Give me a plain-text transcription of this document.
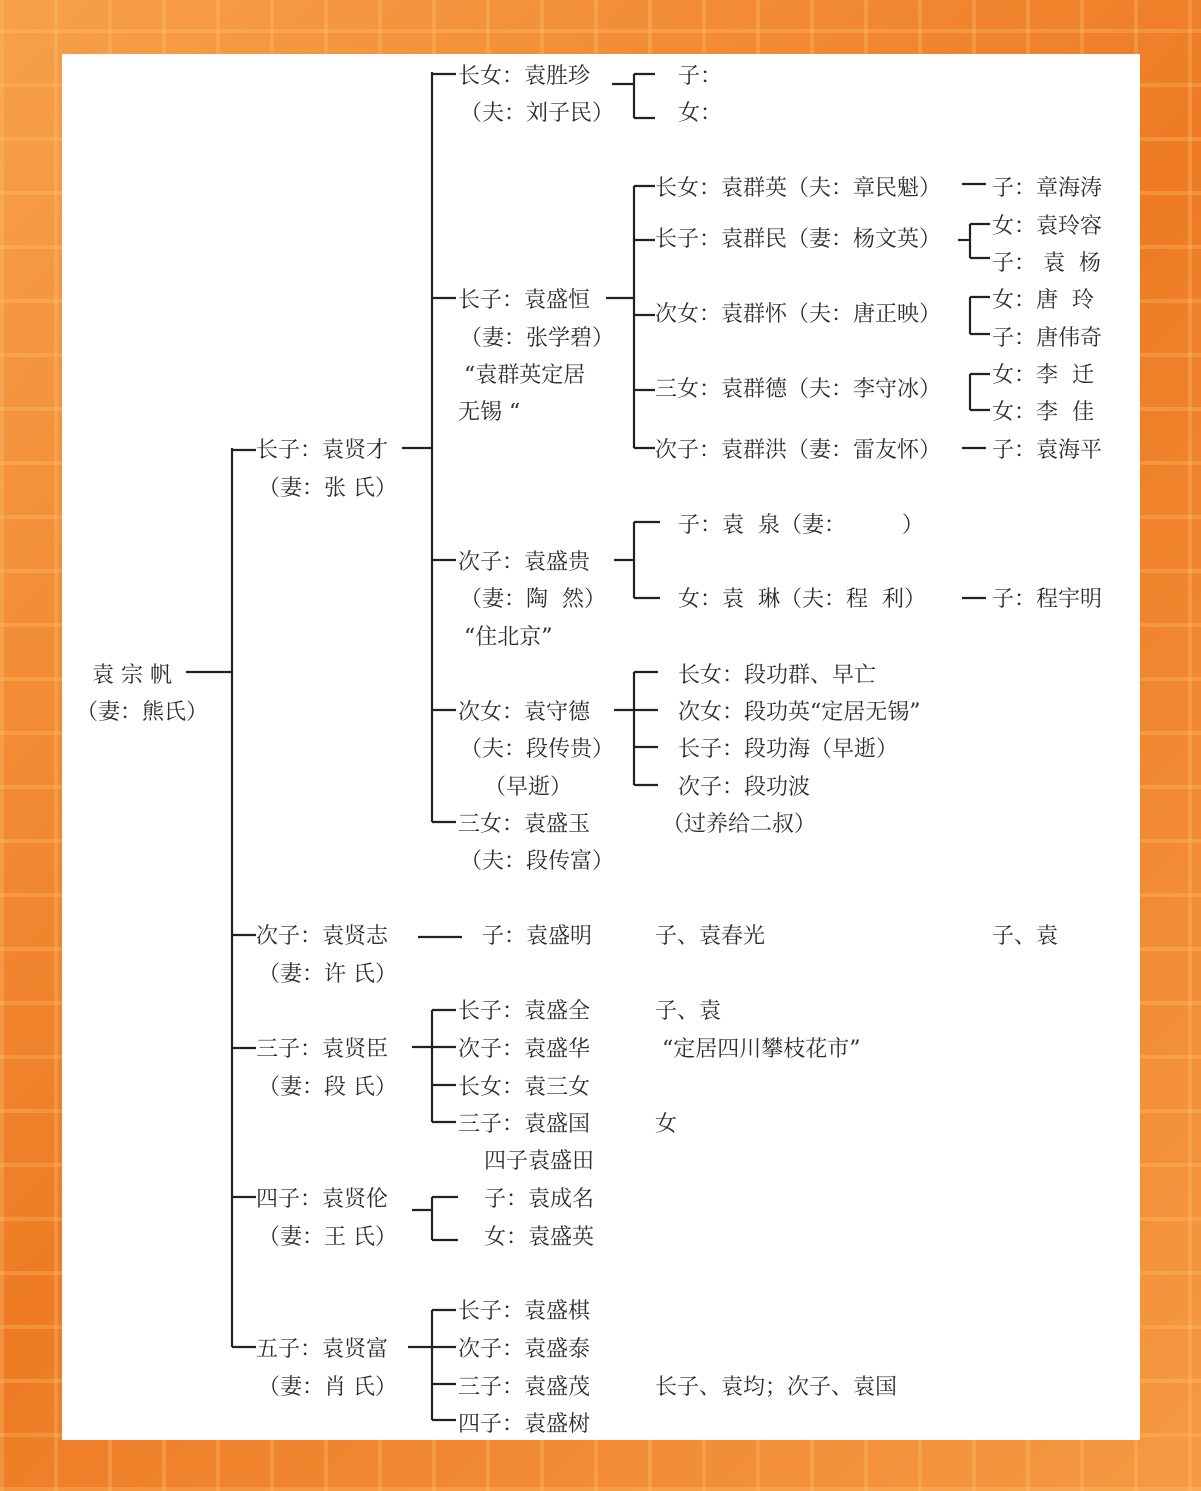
袁 宗 帆
（妻：熊氏）
长子：袁贤才
（妻：张 氏）
次子：袁贤志
（妻：许 氏）
三子：袁贤臣
（妻：段 氏）
四子：袁贤伦
（妻：王 氏）
五子：袁贤富
（妻：肖 氏）
长女：袁胜珍
（夫：刘子民）
子：
女：
长子：袁盛恒
（妻：张学碧）
“袁群英定居
无锡 “
长女：袁群英（夫：章民魁） 子：章海涛
长子：袁群民（妻：杨文英）
女：袁玲容
子： 袁  杨
次女：袁群怀（夫：唐正映）
女：唐  玲
子：唐伟奇
三女：袁群德（夫：李守冰）
女：李  迁
女：李  佳
次子：袁群洪（妻：雷友怀） 子：袁海平
次子：袁盛贵
（妻：陶  然）
“住北京”
子：袁  泉（妻：        ）
女：袁  琳（夫：程  利）	子：程宇明
次女：袁守德
（夫：段传贵）
（早逝）
长女：段功群、早亡
次女：段功英“定居无锡”
长子：段功海（早逝）
次子：段功波
（过养给二叔）
三女：袁盛玉
（夫：段传富）
子：袁盛明	子、袁春光	子、袁
长子：袁盛全
次子：袁盛华
长女：袁三女
三子：袁盛国
四子袁盛田
子、袁
“定居四川攀枝花市”
女
子：袁成名
女：袁盛英
长子：袁盛棋
次子：袁盛泰
三子：袁盛茂
四子：袁盛树
长子、袁均；次子、袁国
